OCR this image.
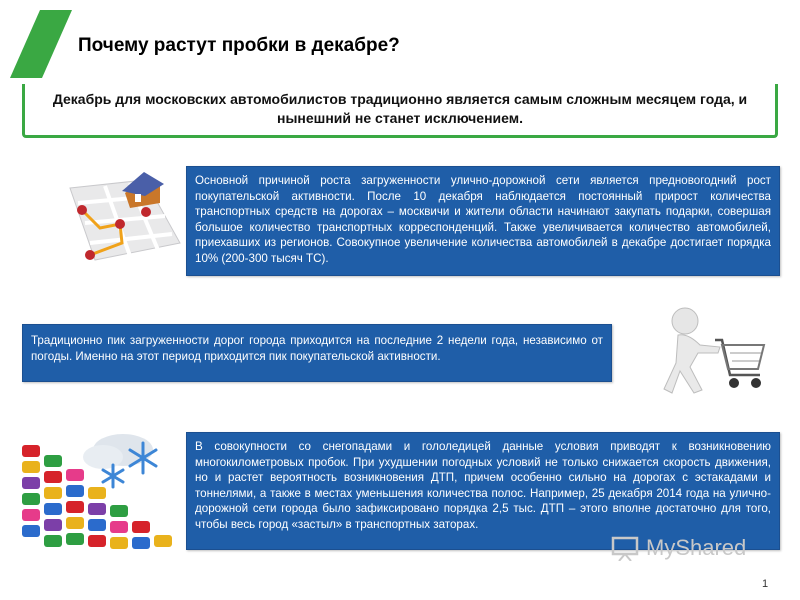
Почему растут пробки в декабре?
Декабрь для московских автомобилистов традиционно является самым сложным месяцем года, и нынешний не станет исключением.
Основной причиной роста загруженности улично-дорожной сети является предновогодний рост покупательской активности. После 10 декабря наблюдается постоянный прирост количества транспортных средств на дорогах – москвичи и жители области начинают закупать подарки, совершая большое количество транспортных корреспонденций. Также увеличивается количество автомобилей, приехавших из регионов. Совокупное увеличение количества автомобилей в декабре достигает порядка 10% (200-300 тысяч ТС).
Традиционно пик загруженности дорог города приходится на последние 2 недели года, независимо от погоды. Именно на этот период приходится пик покупательской активности.
В совокупности со снегопадами и гололедицей данные условия приводят к возникновению многокилометровых пробок. При ухудшении погодных условий не только снижается скорость движения, но и растет вероятность возникновения ДТП, причем особенно сильно на дорогах с эстакадами и тоннелями, а также в местах уменьшения количества полос. Например, 25 декабря 2014 года на улично-дорожной сети города было зафиксировано порядка 2,5 тыс. ДТП – этого вполне достаточно для того, чтобы весь город «застыл» в транспортных заторах.
MyShared
1
